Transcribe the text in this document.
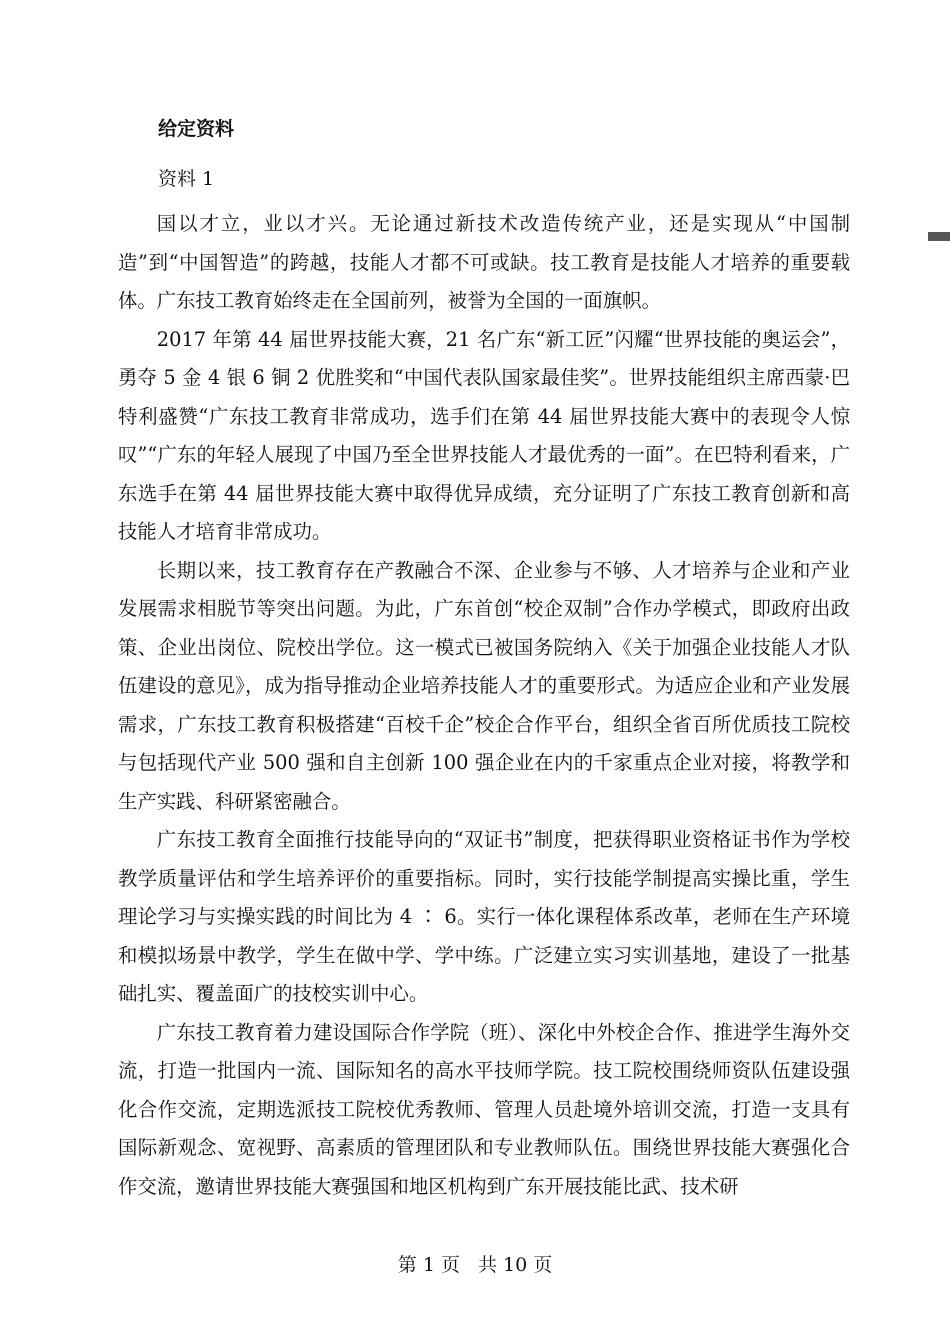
给定资料
资料 1

国以才立，业以才兴。无论通过新技术改造传统产业，还是实现从“中国制造”到“中国智造”的跨越，技能人才都不可或缺。技工教育是技能人才培养的重要载体。广东技工教育始终走在全国前列，被誉为全国的一面旗帜。

2017 年第 44 届世界技能大赛，21 名广东“新工匠”闪耀“世界技能的奥运会”，勇夺 5 金 4 银 6 铜 2 优胜奖和“中国代表队国家最佳奖”。世界技能组织主席西蒙·巴特利盛赞“广东技工教育非常成功，选手们在第 44 届世界技能大赛中的表现令人惊叹”“广东的年轻人展现了中国乃至全世界技能人才最优秀的一面”。在巴特利看来，广东选手在第 44 届世界技能大赛中取得优异成绩，充分证明了广东技工教育创新和高技能人才培育非常成功。

长期以来，技工教育存在产教融合不深、企业参与不够、人才培养与企业和产业发展需求相脱节等突出问题。为此，广东首创“校企双制”合作办学模式，即政府出政策、企业出岗位、院校出学位。这一模式已被国务院纳入《关于加强企业技能人才队伍建设的意见》，成为指导推动企业培养技能人才的重要形式。为适应企业和产业发展需求，广东技工教育积极搭建“百校千企”校企合作平台，组织全省百所优质技工院校与包括现代产业 500 强和自主创新 100 强企业在内的千家重点企业对接，将教学和生产实践、科研紧密融合。

广东技工教育全面推行技能导向的“双证书”制度，把获得职业资格证书作为学校教学质量评估和学生培养评价的重要指标。同时，实行技能学制提高实操比重，学生理论学习与实操实践的时间比为 4 ∶ 6。实行一体化课程体系改革，老师在生产环境和模拟场景中教学，学生在做中学、学中练。广泛建立实习实训基地，建设了一批基础扎实、覆盖面广的技校实训中心。

广东技工教育着力建设国际合作学院（班）、深化中外校企合作、推进学生海外交流，打造一批国内一流、国际知名的高水平技师学院。技工院校围绕师资队伍建设强化合作交流，定期选派技工院校优秀教师、管理人员赴境外培训交流，打造一支具有国际新观念、宽视野、高素质的管理团队和专业教师队伍。围绕世界技能大赛强化合作交流，邀请世界技能大赛强国和地区机构到广东开展技能比武、技术研

第 1 页 共 10 页
